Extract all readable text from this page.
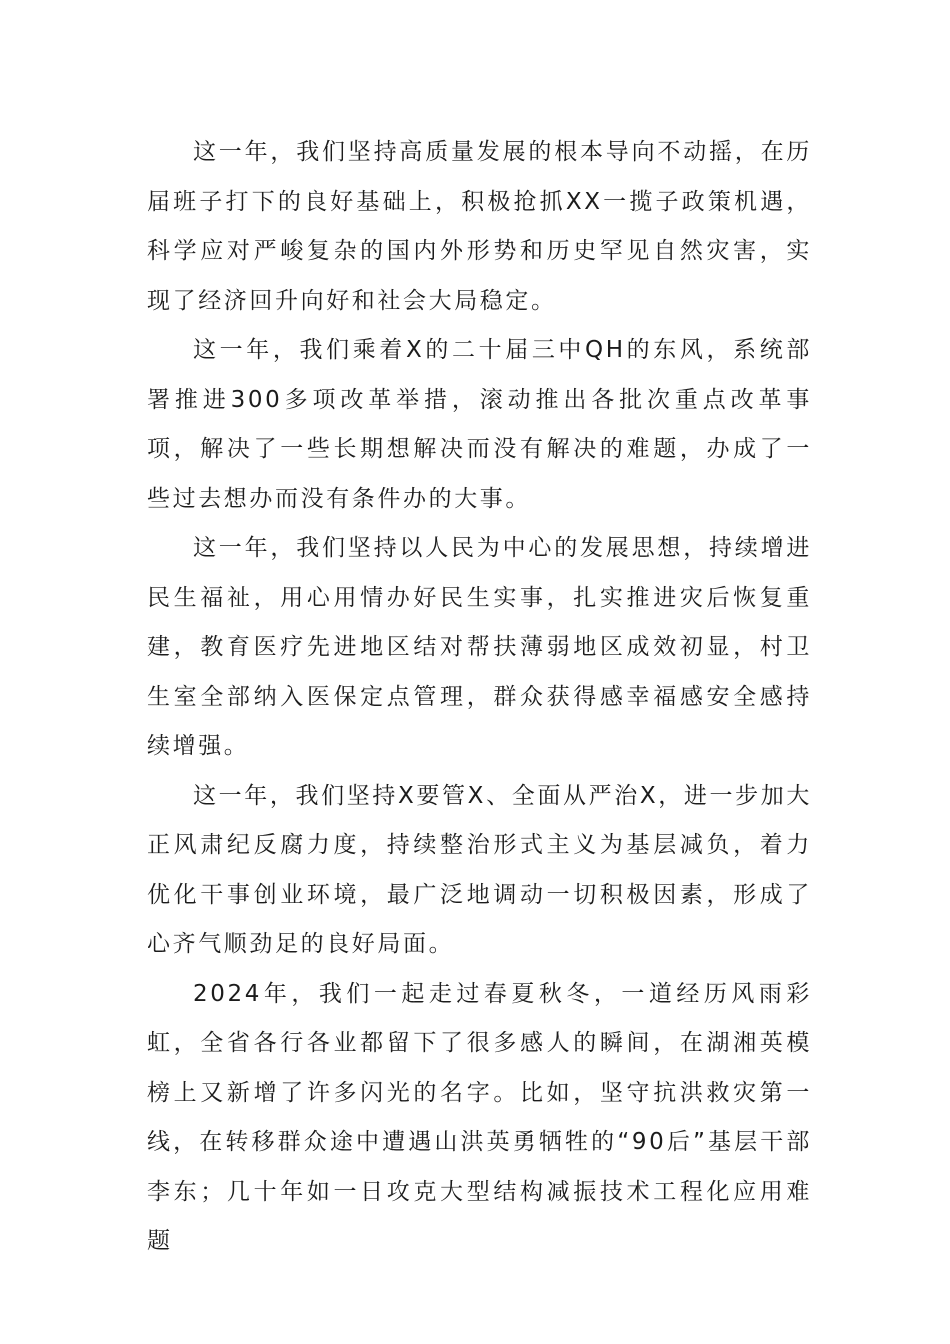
这一年，我们坚持高质量发展的根本导向不动摇，在历届班子打下的良好基础上，积极抢抓XX一揽子政策机遇，科学应对严峻复杂的国内外形势和历史罕见自然灾害，实现了经济回升向好和社会大局稳定。

这一年，我们乘着X的二十届三中QH的东风，系统部署推进300多项改革举措，滚动推出各批次重点改革事项，解决了一些长期想解决而没有解决的难题，办成了一些过去想办而没有条件办的大事。

这一年，我们坚持以人民为中心的发展思想，持续增进民生福祉，用心用情办好民生实事，扎实推进灾后恢复重建，教育医疗先进地区结对帮扶薄弱地区成效初显，村卫生室全部纳入医保定点管理，群众获得感幸福感安全感持续增强。

这一年，我们坚持X要管X、全面从严治X，进一步加大正风肃纪反腐力度，持续整治形式主义为基层减负，着力优化干事创业环境，最广泛地调动一切积极因素，形成了心齐气顺劲足的良好局面。

2024年，我们一起走过春夏秋冬，一道经历风雨彩虹，全省各行各业都留下了很多感人的瞬间，在湖湘英模榜上又新增了许多闪光的名字。比如，坚守抗洪救灾第一线，在转移群众途中遭遇山洪英勇牺牲的“90后”基层干部李东；几十年如一日攻克大型结构减振技术工程化应用难题
